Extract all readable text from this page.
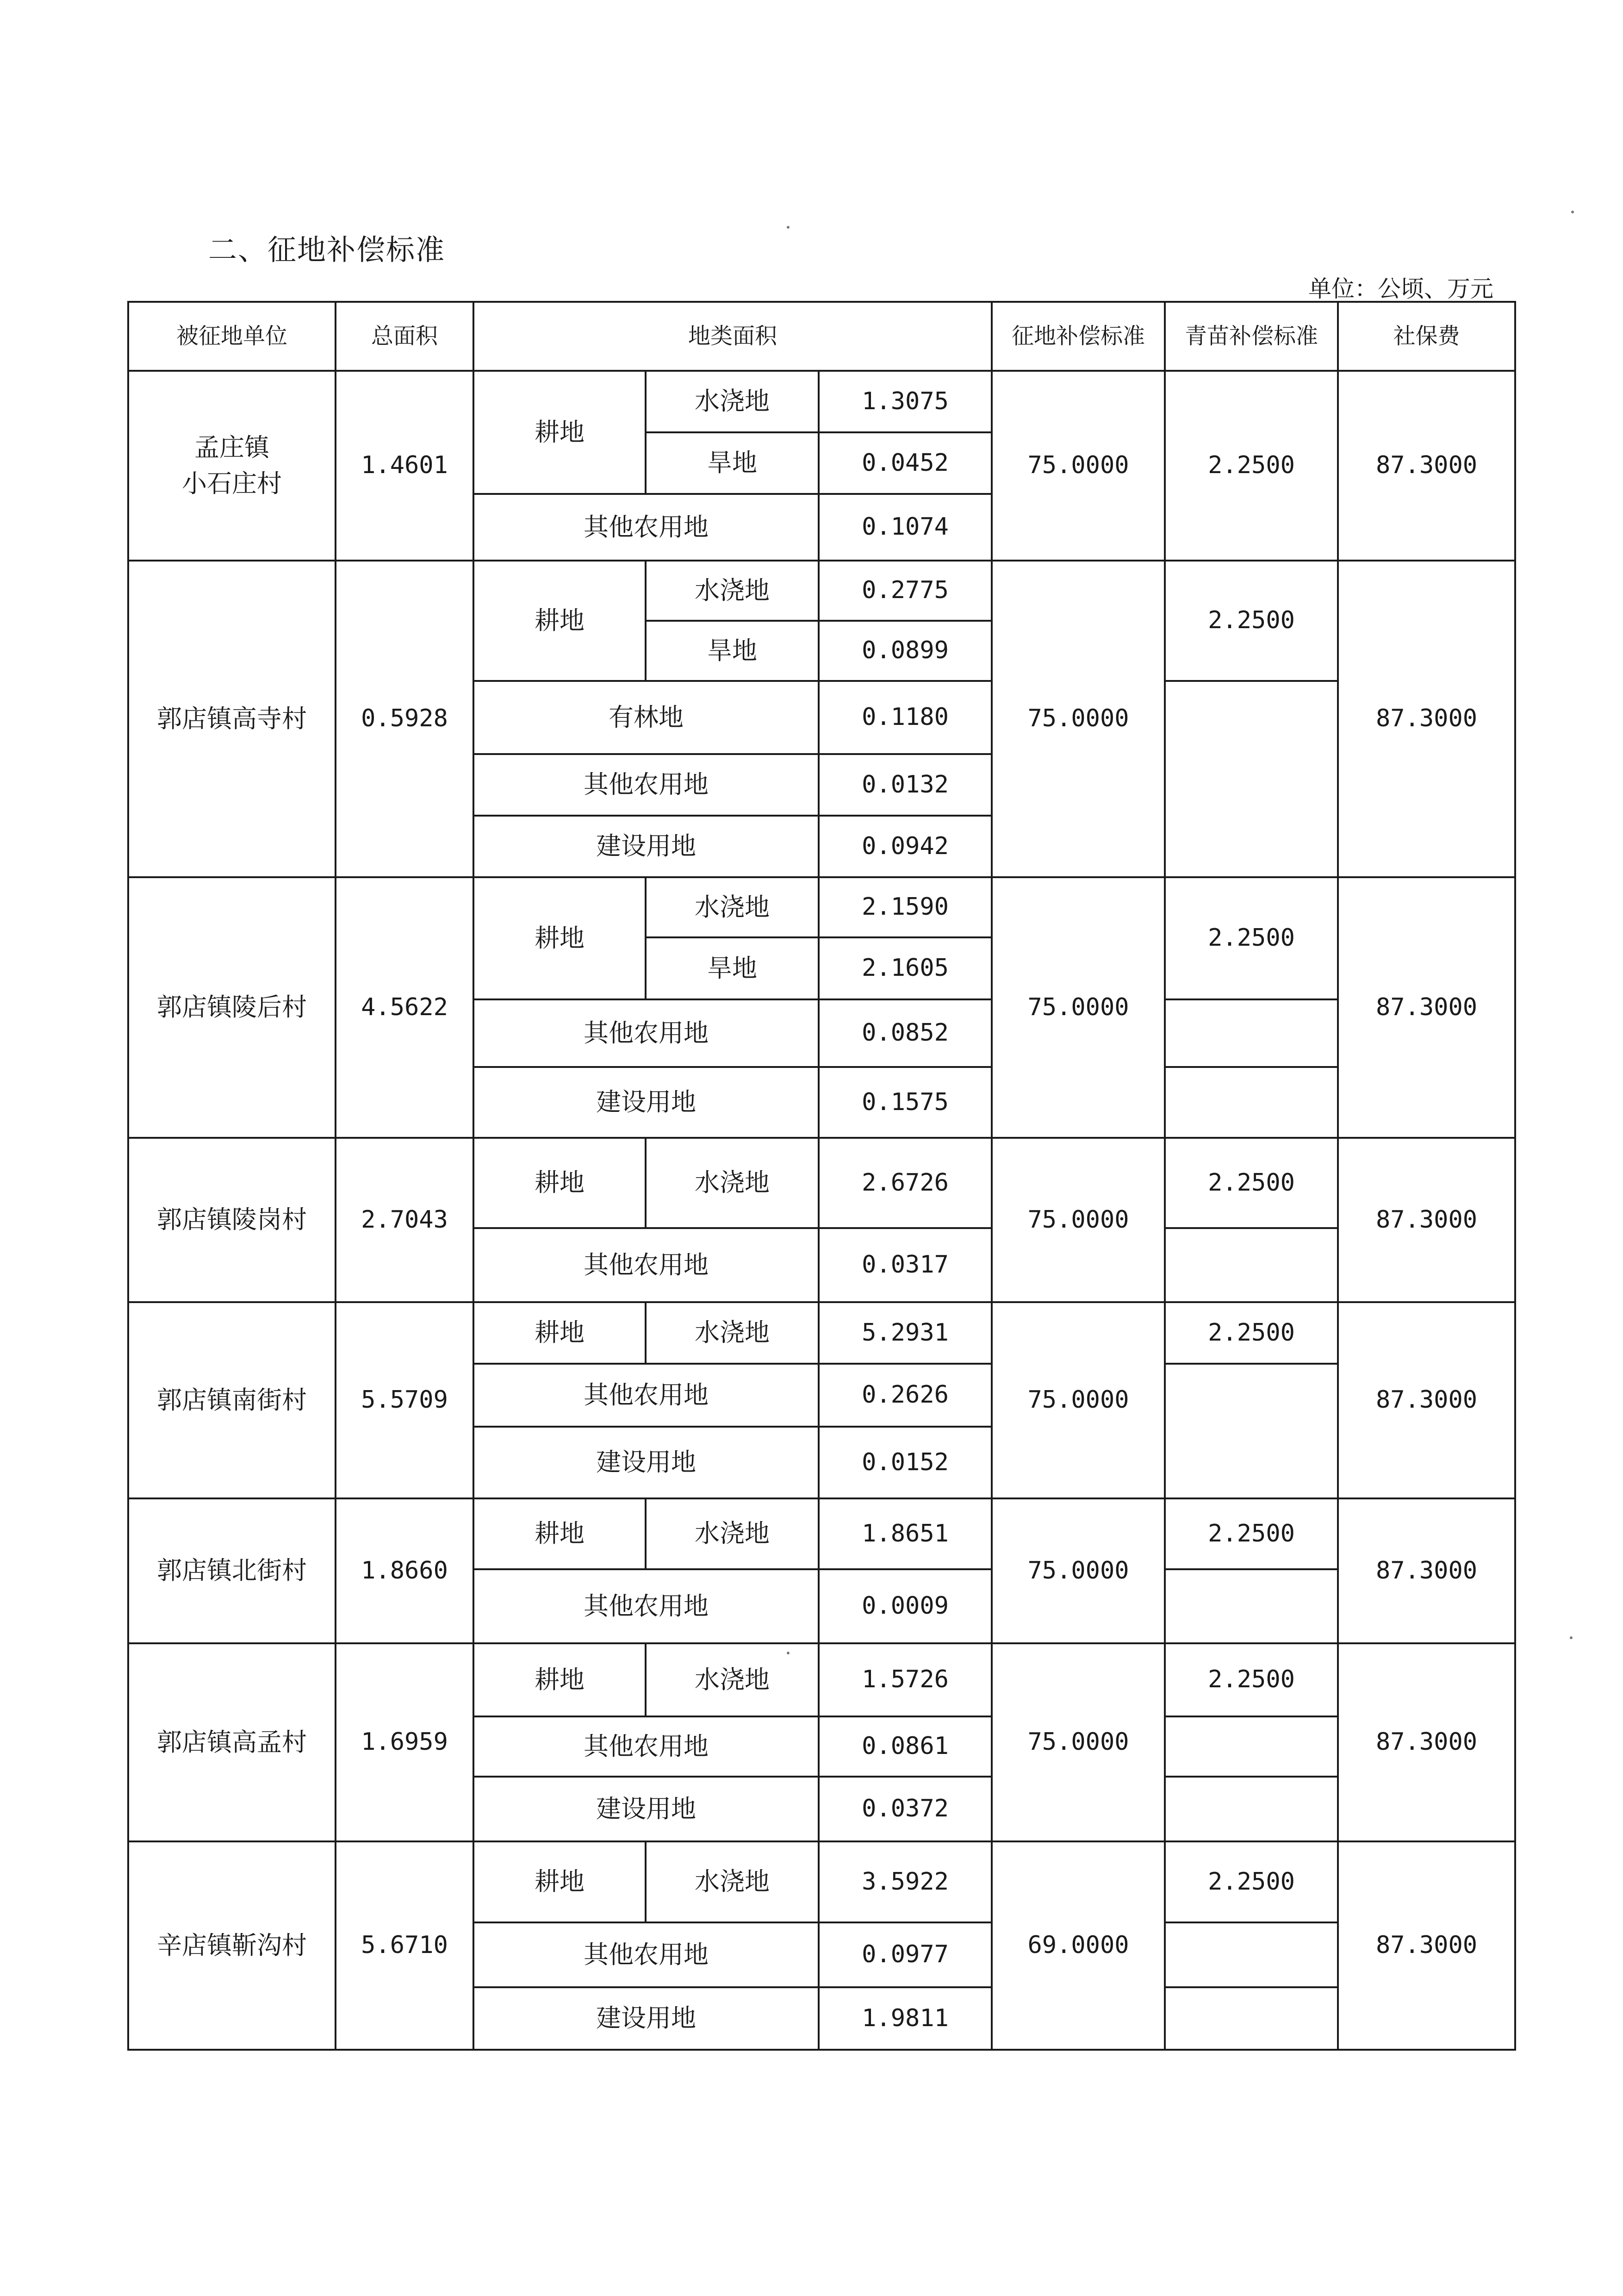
二、征地补偿标准
单位：公顷、万元
被征地单位	总面积	地类面积			征地补偿标准	青苗补偿标准	社保费
孟庄镇
小石庄村	1.4601	耕地	水浇地	1.3075	75.0000	2.2500	87.3000
			旱地	0.0452			
		其他农用地		0.1074			
郭店镇高寺村	0.5928	耕地	水浇地	0.2775	75.0000	2.2500	87.3000
			旱地	0.0899			
		有林地		0.1180			
		其他农用地		0.0132			
		建设用地		0.0942			
郭店镇陵后村	4.5622	耕地	水浇地	2.1590	75.0000	2.2500	87.3000
			旱地	2.1605			
		其他农用地		0.0852			
		建设用地		0.1575			
郭店镇陵岗村	2.7043	耕地	水浇地	2.6726	75.0000	2.2500	87.3000
		其他农用地		0.0317			
郭店镇南街村	5.5709	耕地	水浇地	5.2931	75.0000	2.2500	87.3000
		其他农用地		0.2626			
		建设用地		0.0152			
郭店镇北街村	1.8660	耕地	水浇地	1.8651	75.0000	2.2500	87.3000
		其他农用地		0.0009			
郭店镇高孟村	1.6959	耕地	水浇地	1.5726	75.0000	2.2500	87.3000
		其他农用地		0.0861			
		建设用地		0.0372			
辛店镇靳沟村	5.6710	耕地	水浇地	3.5922	69.0000	2.2500	87.3000
		其他农用地		0.0977			
		建设用地		1.9811			
